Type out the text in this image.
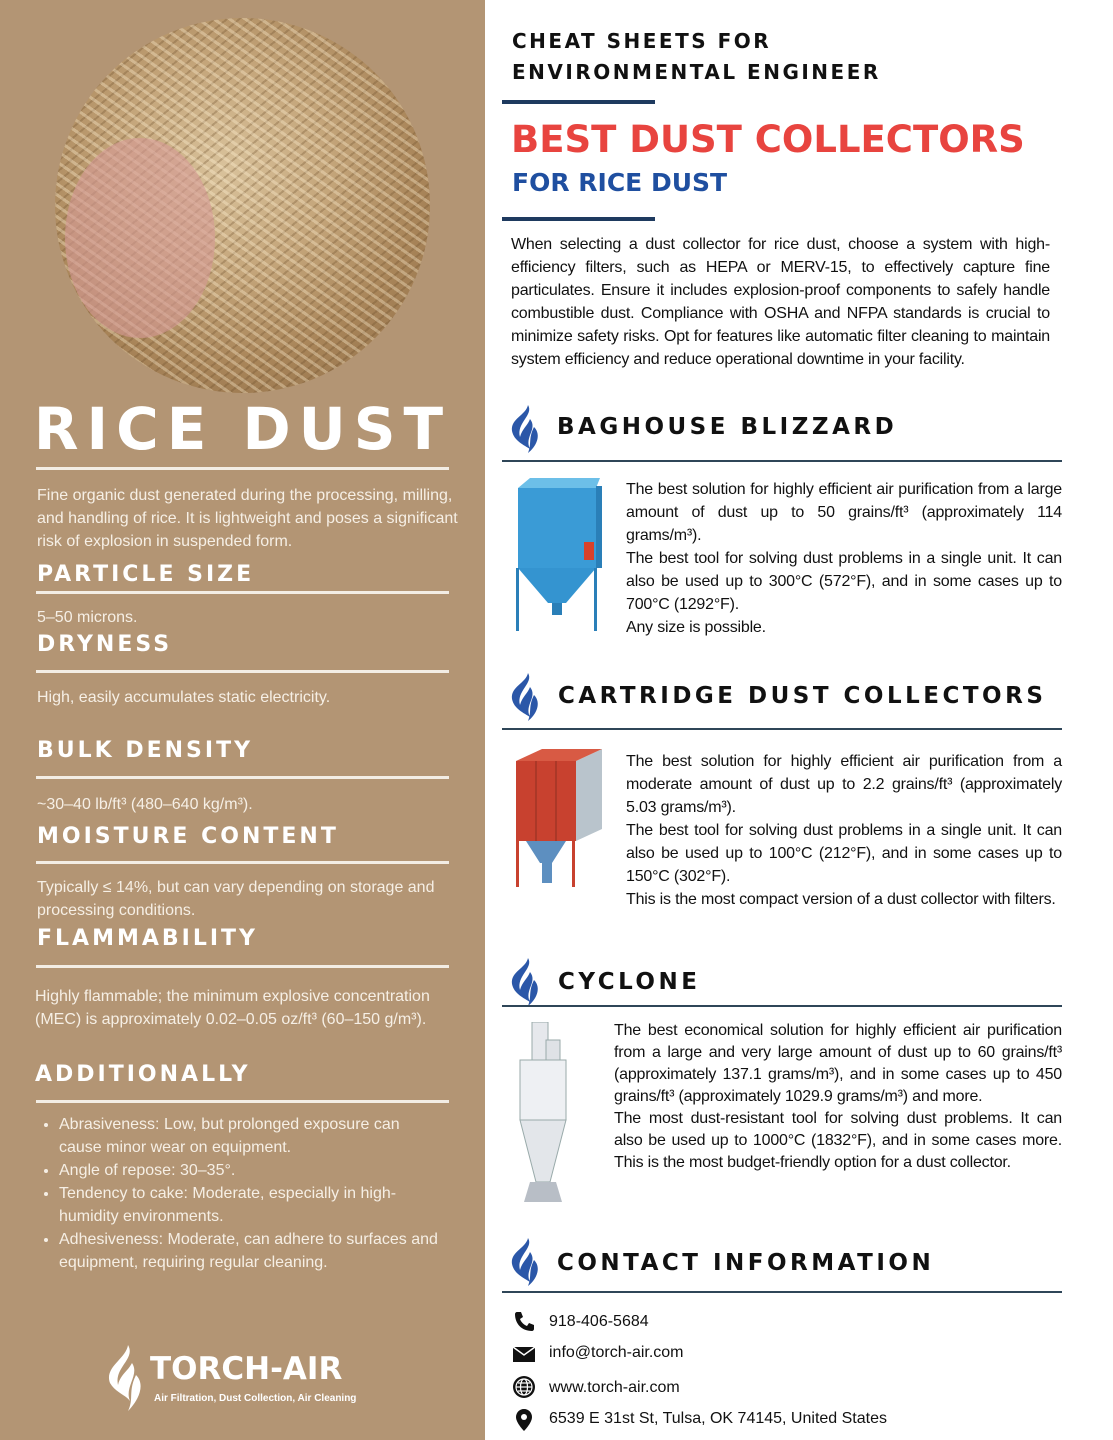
RICE DUST
Fine organic dust generated during the processing, milling, and handling of rice. It is lightweight and poses a significant risk of explosion in suspended form.
PARTICLE SIZE
5–50 microns.
DRYNESS
High, easily accumulates static electricity.
BULK DENSITY
~30–40 lb/ft³ (480–640 kg/m³).
MOISTURE CONTENT
Typically ≤ 14%, but can vary depending on storage and processing conditions.
FLAMMABILITY
Highly flammable; the minimum explosive concentration (MEC) is approximately 0.02–0.05 oz/ft³ (60–150 g/m³).
ADDITIONALLY
• Abrasiveness: Low, but prolonged exposure can cause minor wear on equipment.
• Angle of repose: 30–35°.
• Tendency to cake: Moderate, especially in high-humidity environments.
• Adhesiveness: Moderate, can adhere to surfaces and equipment, requiring regular cleaning.
TORCH-AIR
Air Filtration, Dust Collection, Air Cleaning
CHEAT SHEETS FOR ENVIRONMENTAL ENGINEER
BEST DUST COLLECTORS
FOR RICE DUST
When selecting a dust collector for rice dust, choose a system with high-efficiency filters, such as HEPA or MERV-15, to effectively capture fine particulates. Ensure it includes explosion-proof components to safely handle combustible dust. Compliance with OSHA and NFPA standards is crucial to minimize safety risks. Opt for features like automatic filter cleaning to maintain system efficiency and reduce operational downtime in your facility.
BAGHOUSE BLIZZARD
The best solution for highly efficient air purification from a large amount of dust up to 50 grains/ft³ (approximately 114 grams/m³).
The best tool for solving dust problems in a single unit. It can also be used up to 300°C (572°F), and in some cases up to 700°C (1292°F).
Any size is possible.
CARTRIDGE DUST COLLECTORS
The best solution for highly efficient air purification from a moderate amount of dust up to 2.2 grains/ft³ (approximately 5.03 grams/m³).
The best tool for solving dust problems in a single unit. It can also be used up to 100°C (212°F), and in some cases up to 150°C (302°F).
This is the most compact version of a dust collector with filters.
CYCLONE
The best economical solution for highly efficient air purification from a large and very large amount of dust up to 60 grains/ft³ (approximately 137.1 grams/m³), and in some cases up to 450 grains/ft³ (approximately 1029.9 grams/m³) and more.
The most dust-resistant tool for solving dust problems. It can also be used up to 1000°C (1832°F), and in some cases more. This is the most budget-friendly option for a dust collector.
CONTACT INFORMATION
918-406-5684
info@torch-air.com
www.torch-air.com
6539 E 31st St, Tulsa, OK 74145, United States
